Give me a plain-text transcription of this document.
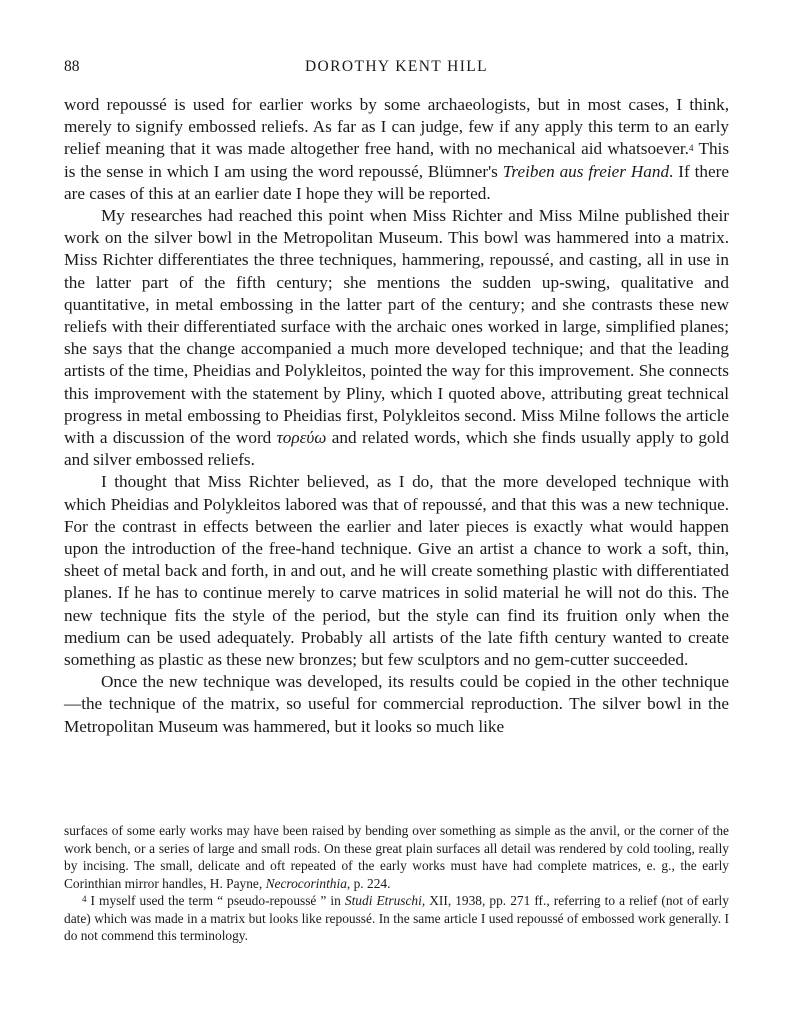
88	DOROTHY KENT HILL

word repoussé is used for earlier works by some archaeologists, but in most cases, I think, merely to signify embossed reliefs. As far as I can judge, few if any apply this term to an early relief meaning that it was made altogether free hand, with no mechanical aid whatsoever.$^4$ This is the sense in which I am using the word repoussé, Blümner's Treiben aus freier Hand. If there are cases of this at an earlier date I hope they will be reported.

My researches had reached this point when Miss Richter and Miss Milne published their work on the silver bowl in the Metropolitan Museum. This bowl was hammered into a matrix. Miss Richter differentiates the three techniques, hammering, repoussé, and casting, all in use in the latter part of the fifth century; she mentions the sudden up-swing, qualitative and quantitative, in metal embossing in the latter part of the century; and she contrasts these new reliefs with their differentiated surface with the archaic ones worked in large, simplified planes; she says that the change accompanied a much more developed technique; and that the leading artists of the time, Pheidias and Polykleitos, pointed the way for this improvement. She connects this improvement with the statement by Pliny, which I quoted above, attributing great technical progress in metal embossing to Pheidias first, Polykleitos second. Miss Milne follows the article with a discussion of the word τορεύω and related words, which she finds usually apply to gold and silver embossed reliefs.

I thought that Miss Richter believed, as I do, that the more developed technique with which Pheidias and Polykleitos labored was that of repoussé, and that this was a new technique. For the contrast in effects between the earlier and later pieces is exactly what would happen upon the introduction of the free-hand technique. Give an artist a chance to work a soft, thin, sheet of metal back and forth, in and out, and he will create something plastic with differentiated planes. If he has to continue merely to carve matrices in solid material he will not do this. The new technique fits the style of the period, but the style can find its fruition only when the medium can be used adequately. Probably all artists of the late fifth century wanted to create something as plastic as these new bronzes; but few sculptors and no gem-cutter succeeded.

Once the new technique was developed, its results could be copied in the other technique—the technique of the matrix, so useful for commercial reproduction. The silver bowl in the Metropolitan Museum was hammered, but it looks so much like

surfaces of some early works may have been raised by bending over something as simple as the anvil, or the corner of the work bench, or a series of large and small rods. On these great plain surfaces all detail was rendered by cold tooling, really by incising. The small, delicate and oft repeated of the early works must have had complete matrices, e. g., the early Corinthian mirror handles, H. Payne, Necrocorinthia, p. 224.

$^4$ I myself used the term “ pseudo-repoussé ” in Studi Etruschi, XII, 1938, pp. 271 ff., referring to a relief (not of early date) which was made in a matrix but looks like repoussé. In the same article I used repoussé of embossed work generally. I do not commend this terminology.
